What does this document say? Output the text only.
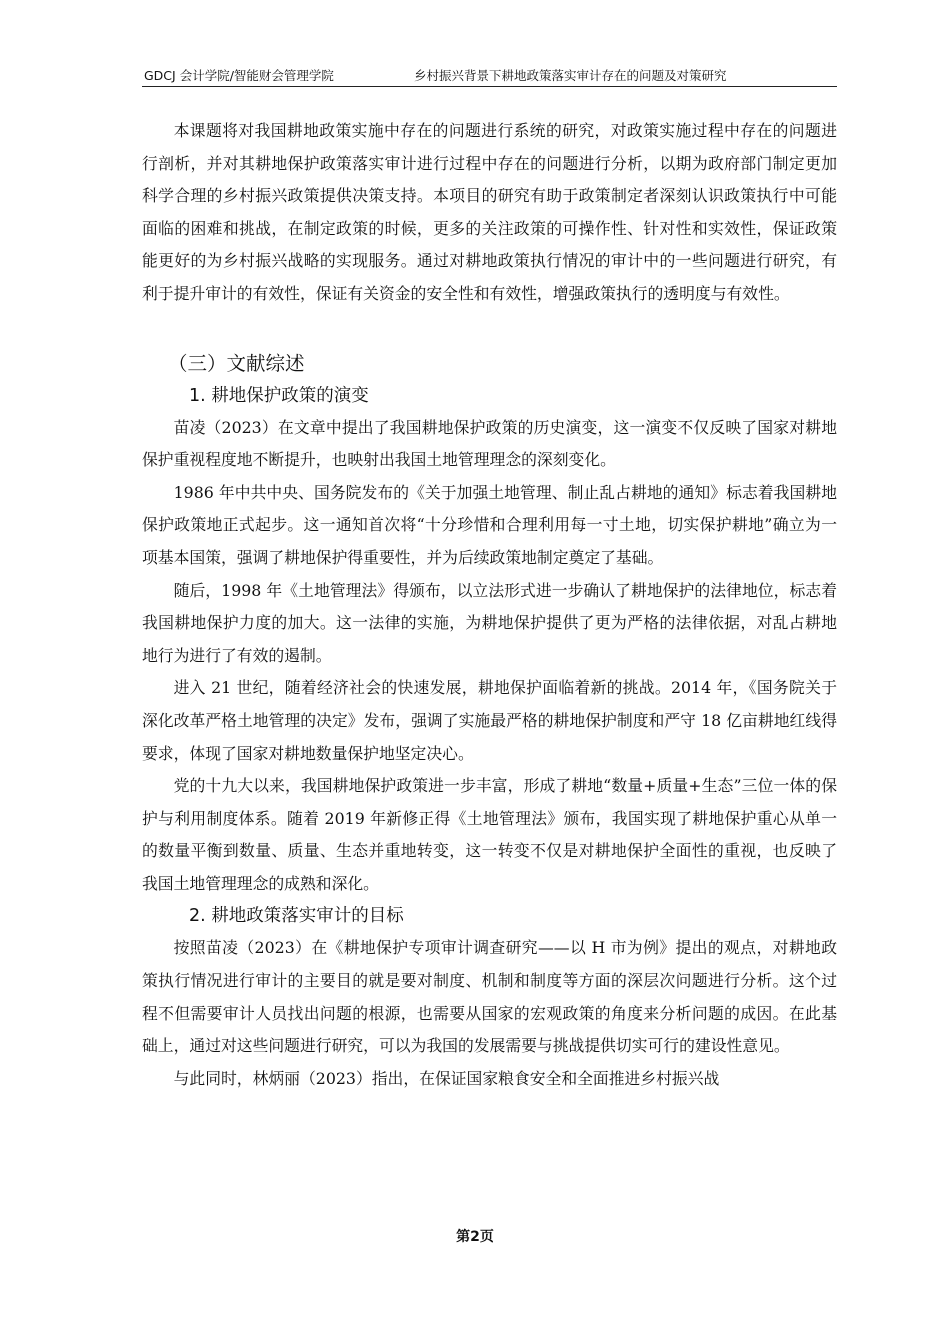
GDCJ 会计学院/智能财会管理学院	乡村振兴背景下耕地政策落实审计存在的问题及对策研究

本课题将对我国耕地政策实施中存在的问题进行系统的研究，对政策实施过程中存在的问题进行剖析，并对其耕地保护政策落实审计进行过程中存在的问题进行分析，以期为政府部门制定更加科学合理的乡村振兴政策提供决策支持。本项目的研究有助于政策制定者深刻认识政策执行中可能面临的困难和挑战，在制定政策的时候，更多的关注政策的可操作性、针对性和实效性，保证政策能更好的为乡村振兴战略的实现服务。通过对耕地政策执行情况的审计中的一些问题进行研究，有利于提升审计的有效性，保证有关资金的安全性和有效性，增强政策执行的透明度与有效性。

（三）文献综述
1. 耕地保护政策的演变

苗凌（2023）在文章中提出了我国耕地保护政策的历史演变，这一演变不仅反映了国家对耕地保护重视程度地不断提升，也映射出我国土地管理理念的深刻变化。

1986 年中共中央、国务院发布的《关于加强土地管理、制止乱占耕地的通知》标志着我国耕地保护政策地正式起步。这一通知首次将“十分珍惜和合理利用每一寸土地，切实保护耕地”确立为一项基本国策，强调了耕地保护得重要性，并为后续政策地制定奠定了基础。

随后，1998 年《土地管理法》得颁布，以立法形式进一步确认了耕地保护的法律地位，标志着我国耕地保护力度的加大。这一法律的实施，为耕地保护提供了更为严格的法律依据，对乱占耕地地行为进行了有效的遏制。

进入 21 世纪，随着经济社会的快速发展，耕地保护面临着新的挑战。2014 年，《国务院关于深化改革严格土地管理的决定》发布，强调了实施最严格的耕地保护制度和严守 18 亿亩耕地红线得要求，体现了国家对耕地数量保护地坚定决心。

党的十九大以来，我国耕地保护政策进一步丰富，形成了耕地“数量+质量+生态”三位一体的保护与利用制度体系。随着 2019 年新修正得《土地管理法》颁布，我国实现了耕地保护重心从单一的数量平衡到数量、质量、生态并重地转变，这一转变不仅是对耕地保护全面性的重视，也反映了我国土地管理理念的成熟和深化。

2. 耕地政策落实审计的目标

按照苗凌（2023）在《耕地保护专项审计调查研究——以 H 市为例》提出的观点，对耕地政策执行情况进行审计的主要目的就是要对制度、机制和制度等方面的深层次问题进行分析。这个过程不但需要审计人员找出问题的根源，也需要从国家的宏观政策的角度来分析问题的成因。在此基础上，通过对这些问题进行研究，可以为我国的发展需要与挑战提供切实可行的建设性意见。

与此同时，林炳丽（2023）指出，在保证国家粮食安全和全面推进乡村振兴战

第2页
